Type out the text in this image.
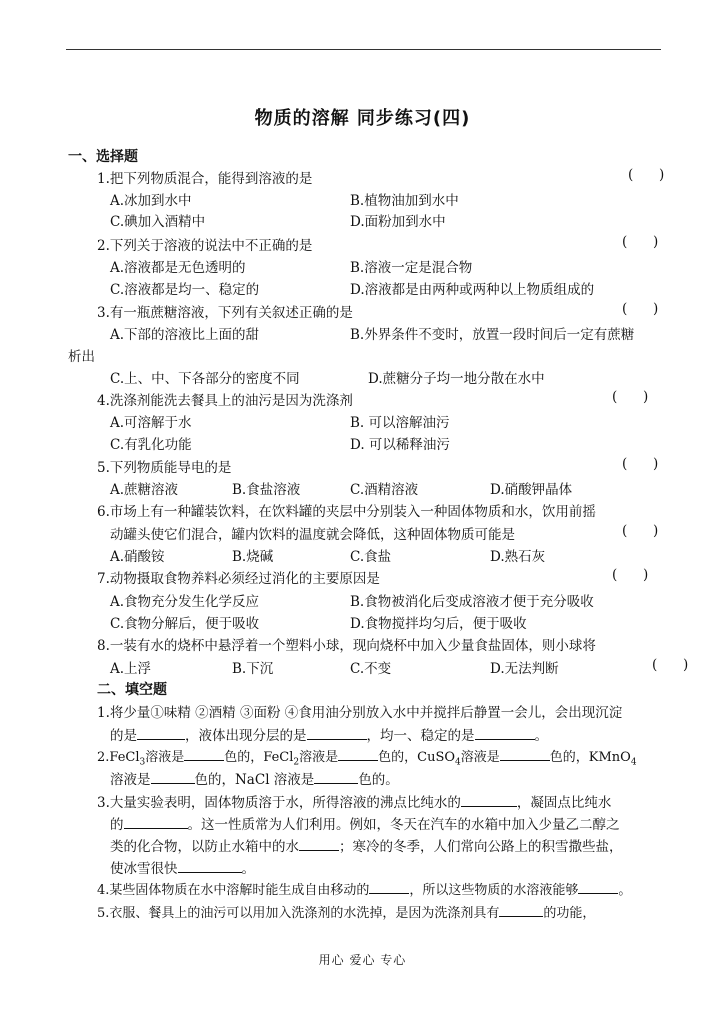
物质的溶解 同步练习(四)
一、选择题
1.把下列物质混合，能得到溶液的是	(      )
A.冰加到水中	B.植物油加到水中
C.碘加入酒精中	D.面粉加到水中
2.下列关于溶液的说法中不正确的是	(      )
A.溶液都是无色透明的	B.溶液一定是混合物
C.溶液都是均一、稳定的	D.溶液都是由两种或两种以上物质组成的
3.有一瓶蔗糖溶液，下列有关叙述正确的是	(      )
A.下部的溶液比上面的甜	B.外界条件不变时，放置一段时间后一定有蔗糖
析出
C.上、中、下各部分的密度不同	D.蔗糖分子均一地分散在水中
4.洗涤剂能洗去餐具上的油污是因为洗涤剂	(      )
A.可溶解于水	B. 可以溶解油污
C.有乳化功能	D. 可以稀释油污
5.下列物质能导电的是	(      )
A.蔗糖溶液	B.食盐溶液	C.酒精溶液	D.硝酸钾晶体
6.市场上有一种罐装饮料，在饮料罐的夹层中分别装入一种固体物质和水，饮用前摇
动罐头使它们混合，罐内饮料的温度就会降低，这种固体物质可能是	(      )
A.硝酸铵	B.烧碱	C.食盐	D.熟石灰
7.动物摄取食物养料必须经过消化的主要原因是	(      )
A.食物充分发生化学反应	B.食物被消化后变成溶液才便于充分吸收
C.食物分解后，便于吸收	D.食物搅拌均匀后，便于吸收
8.一装有水的烧杯中悬浮着一个塑料小球，现向烧杯中加入少量食盐固体，则小球将
A.上浮	B.下沉	C.不变	D.无法判断	(      )
二、填空题
1.将少量①味精 ②酒精 ③面粉 ④食用油分别放入水中并搅拌后静置一会儿，会出现沉淀
的是	，液体出现分层的是	，均一、稳定的是	。
2.FeCl$_3$溶液是	色的，FeCl$_2$溶液是	色的，CuSO$_4$溶液是	色的，KMnO$_4$
溶液是	色的，NaCl 溶液是	色的。
3.大量实验表明，固体物质溶于水，所得溶液的沸点比纯水的	，凝固点比纯水
的	。这一性质常为人们利用。例如，冬天在汽车的水箱中加入少量乙二醇之
类的化合物，以防止水箱中的水	；寒冷的冬季，人们常向公路上的积雪撒些盐，
使冰雪很快	。
4.某些固体物质在水中溶解时能生成自由移动的	，所以这些物质的水溶液能够	。
5.衣服、餐具上的油污可以用加入洗涤剂的水洗掉，是因为洗涤剂具有	的功能，
用心 爱心 专心
